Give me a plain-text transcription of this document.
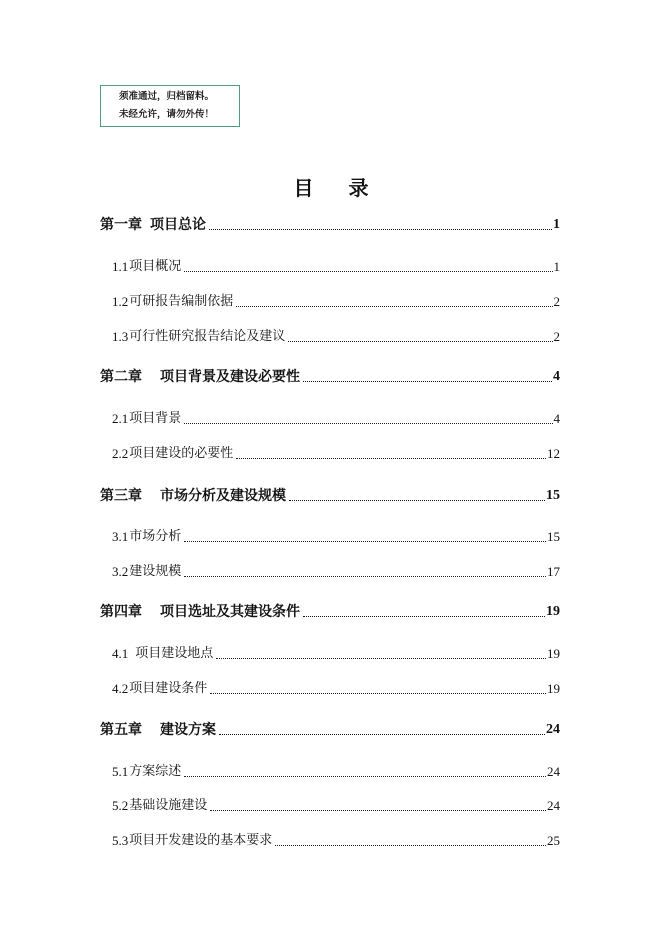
须准通过，归档留料。
未经允许，请勿外传！
目 录
第一章 项目总论	1
1.1 项目概况	1
1.2 可研报告编制依据	2
1.3 可行性研究报告结论及建议	2
第二章 项目背景及建设必要性	4
2.1 项目背景	4
2.2 项目建设的必要性	12
第三章 市场分析及建设规模	15
3.1 市场分析	15
3.2 建设规模	17
第四章 项目选址及其建设条件	19
4.1 项目建设地点	19
4.2 项目建设条件	19
第五章 建设方案	24
5.1 方案综述	24
5.2 基础设施建设	24
5.3 项目开发建设的基本要求	25
